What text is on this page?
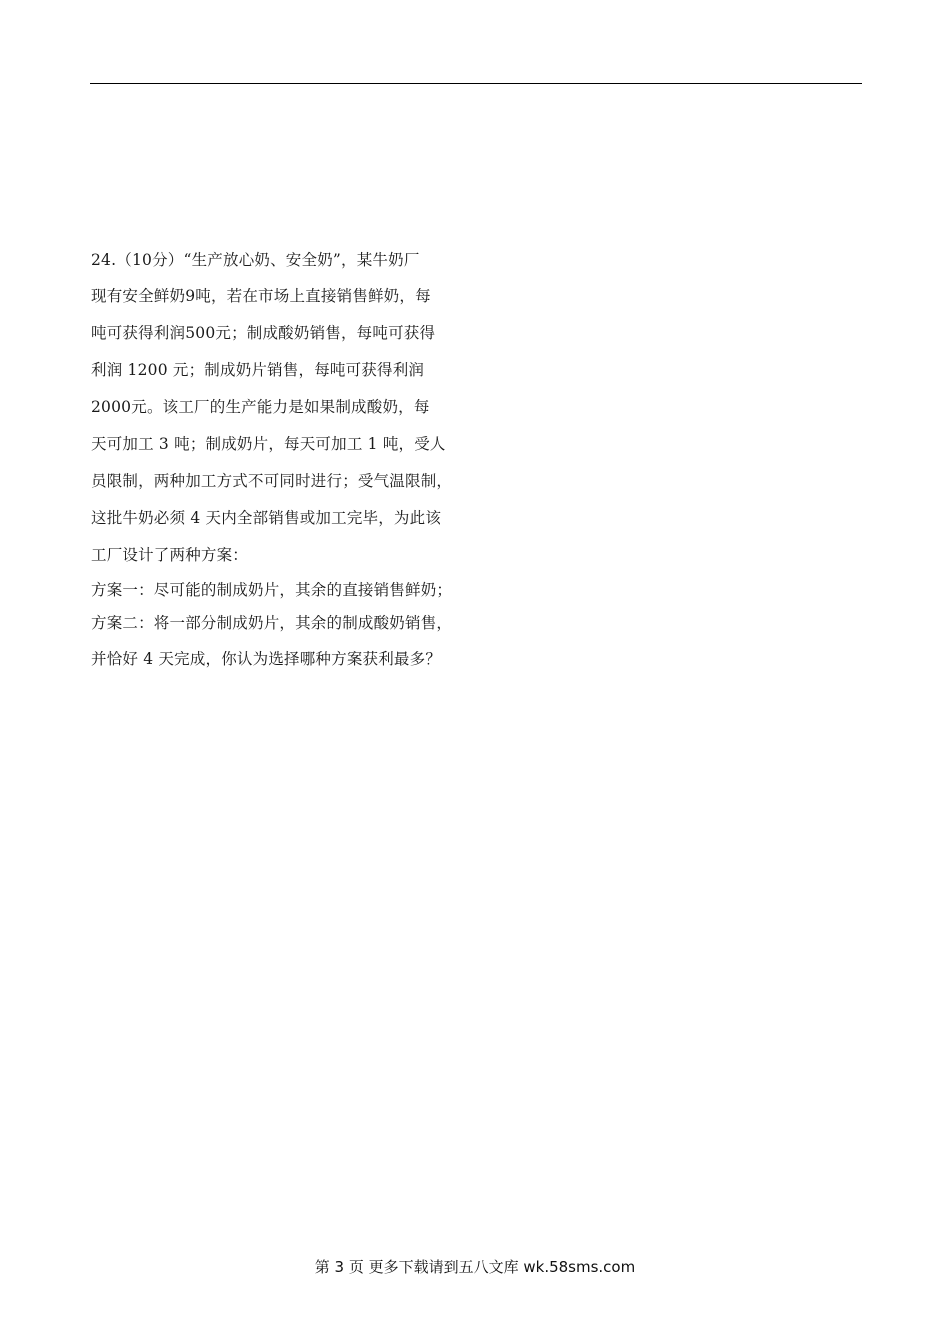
24.（10分）“生产放心奶、安全奶”，某牛奶厂
现有安全鲜奶9吨，若在市场上直接销售鲜奶，每
吨可获得利润500元；制成酸奶销售，每吨可获得
利润 1200 元；制成奶片销售，每吨可获得利润
2000元。该工厂的生产能力是如果制成酸奶，每
天可加工 3 吨；制成奶片，每天可加工 1 吨，受人
员限制，两种加工方式不可同时进行；受气温限制，
这批牛奶必须 4 天内全部销售或加工完毕，为此该
工厂设计了两种方案：
方案一：尽可能的制成奶片，其余的直接销售鲜奶；
方案二：将一部分制成奶片，其余的制成酸奶销售，
并恰好 4 天完成，你认为选择哪种方案获利最多？
第 3 页 更多下载请到五八文库 wk.58sms.com
